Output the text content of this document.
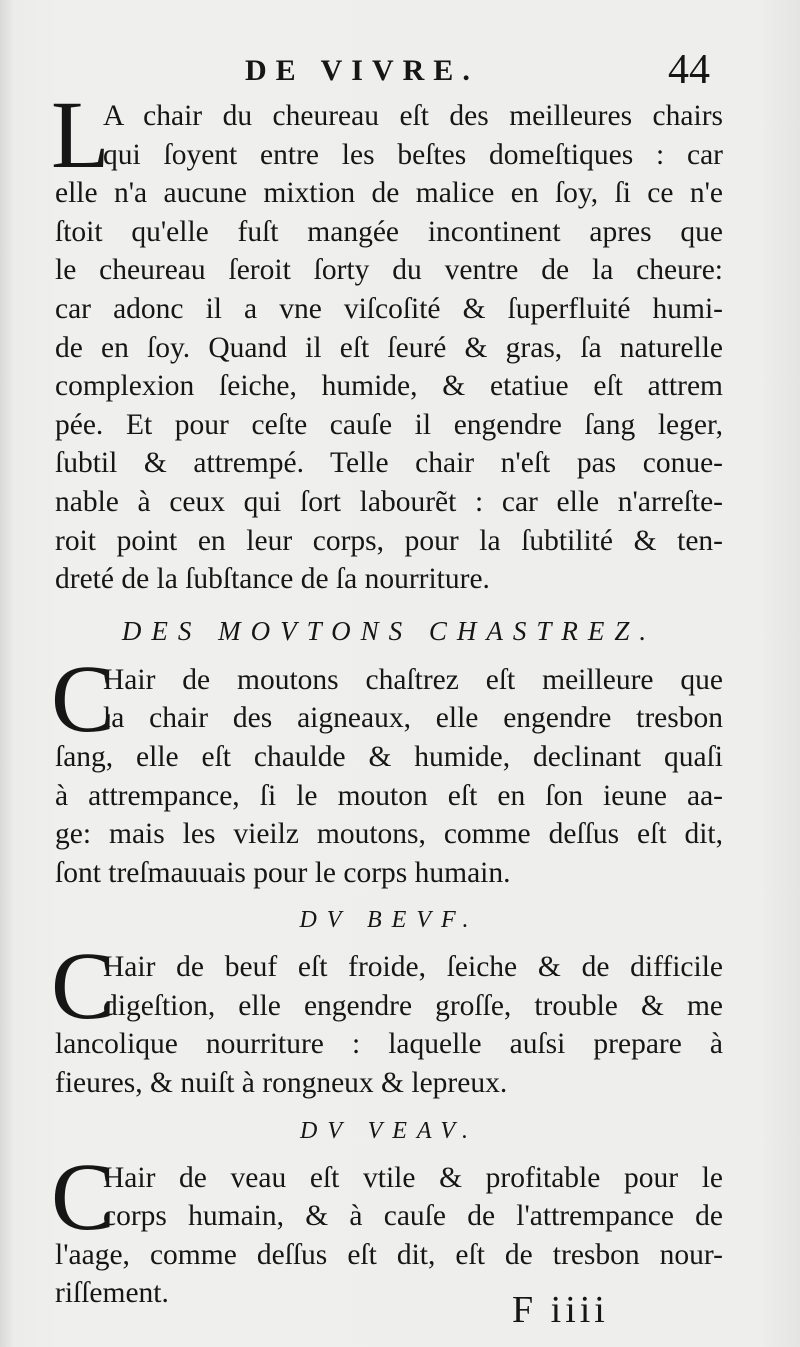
DE VIVRE.	44
L
A chair du cheureau eſt des meilleures chairs
qui ſoyent entre les beſtes domeſtiques : car
elle n'a aucune mixtion de malice en ſoy, ſi ce n'e
ſtoit qu'elle fuſt mangée incontinent apres que
le cheureau ſeroit ſorty du ventre de la cheure:
car adonc il a vne viſcoſité & ſuperfluité humi-
de en ſoy. Quand il eſt ſeuré & gras, ſa naturelle
complexion ſeiche, humide, & etatiue eſt attrem
pée. Et pour ceſte cauſe il engendre ſang leger,
ſubtil & attrempé. Telle chair n'eſt pas conue-
nable à ceux qui ſort labourẽt : car elle n'arreſte-
roit point en leur corps, pour la ſubtilité & ten-
dreté de la ſubſtance de ſa nourriture.
DES MOVTONS CHASTREZ.
C
Hair de moutons chaſtrez eſt meilleure que
la chair des aigneaux, elle engendre tresbon
ſang, elle eſt chaulde & humide, declinant quaſi
à attrempance, ſi le mouton eſt en ſon ieune aa-
ge: mais les vieilz moutons, comme deſſus eſt dit,
ſont treſmauuais pour le corps humain.
DV BEVF.
C
Hair de beuf eſt froide, ſeiche & de difficile
digeſtion, elle engendre groſſe, trouble & me
lancolique nourriture : laquelle auſsi prepare à
fieures, & nuiſt à rongneux & lepreux.
DV VEAV.
C
Hair de veau eſt vtile & profitable pour le
corps humain, & à cauſe de l'attrempance de
l'aage, comme deſſus eſt dit, eſt de tresbon nour-
riſſement.	F iiii
